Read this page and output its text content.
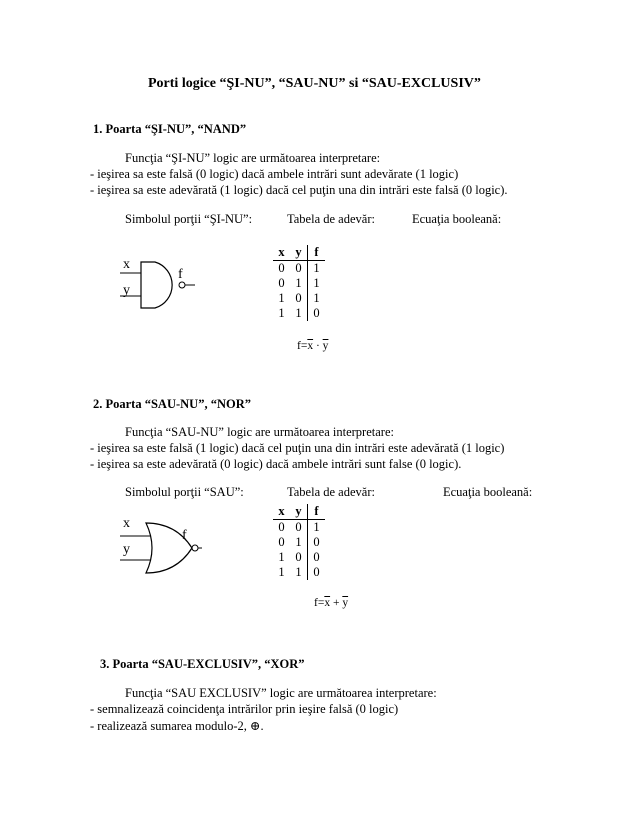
Porti logice “ŞI-NU”, “SAU-NU” si “SAU-EXCLUSIV”
1. Poarta “ŞI-NU”, “NAND”
Funcţia “ŞI-NU” logic are următoarea interpretare:
- ieşirea sa este falsă (0 logic) dacă ambele intrări sunt adevărate (1 logic)
- ieşirea sa este adevărată (1 logic) dacă cel puţin una din intrări este falsă (0 logic).
Simbolul porţii “ŞI-NU”:	Tabela de adevăr:	Ecuaţia booleană:
x
y
f
x	y	f
0	0	1
0	1	1
1	0	1
1	1	0
$f=\overline{x} \cdot \overline{y}$
2. Poarta “SAU-NU”, “NOR”
Funcţia “SAU-NU” logic are următoarea interpretare:
- ieşirea sa este falsă (1 logic) dacă cel puţin una din intrări este adevărată (1 logic)
- ieşirea sa este adevărată (0 logic) dacă ambele intrări sunt false (0 logic).
Simbolul porţii “SAU”:	Tabela de adevăr:	Ecuaţia booleană:
x
y
f
x	y	f
0	0	1
0	1	0
1	0	0
1	1	0
$f=\overline{x} + \overline{y}$
3. Poarta “SAU-EXCLUSIV”, “XOR”
Funcţia “SAU EXCLUSIV” logic are următoarea interpretare:
- semnalizează coincidenţa intrărilor prin ieşire falsă (0 logic)
- realizează sumarea modulo-2, ⊕.
